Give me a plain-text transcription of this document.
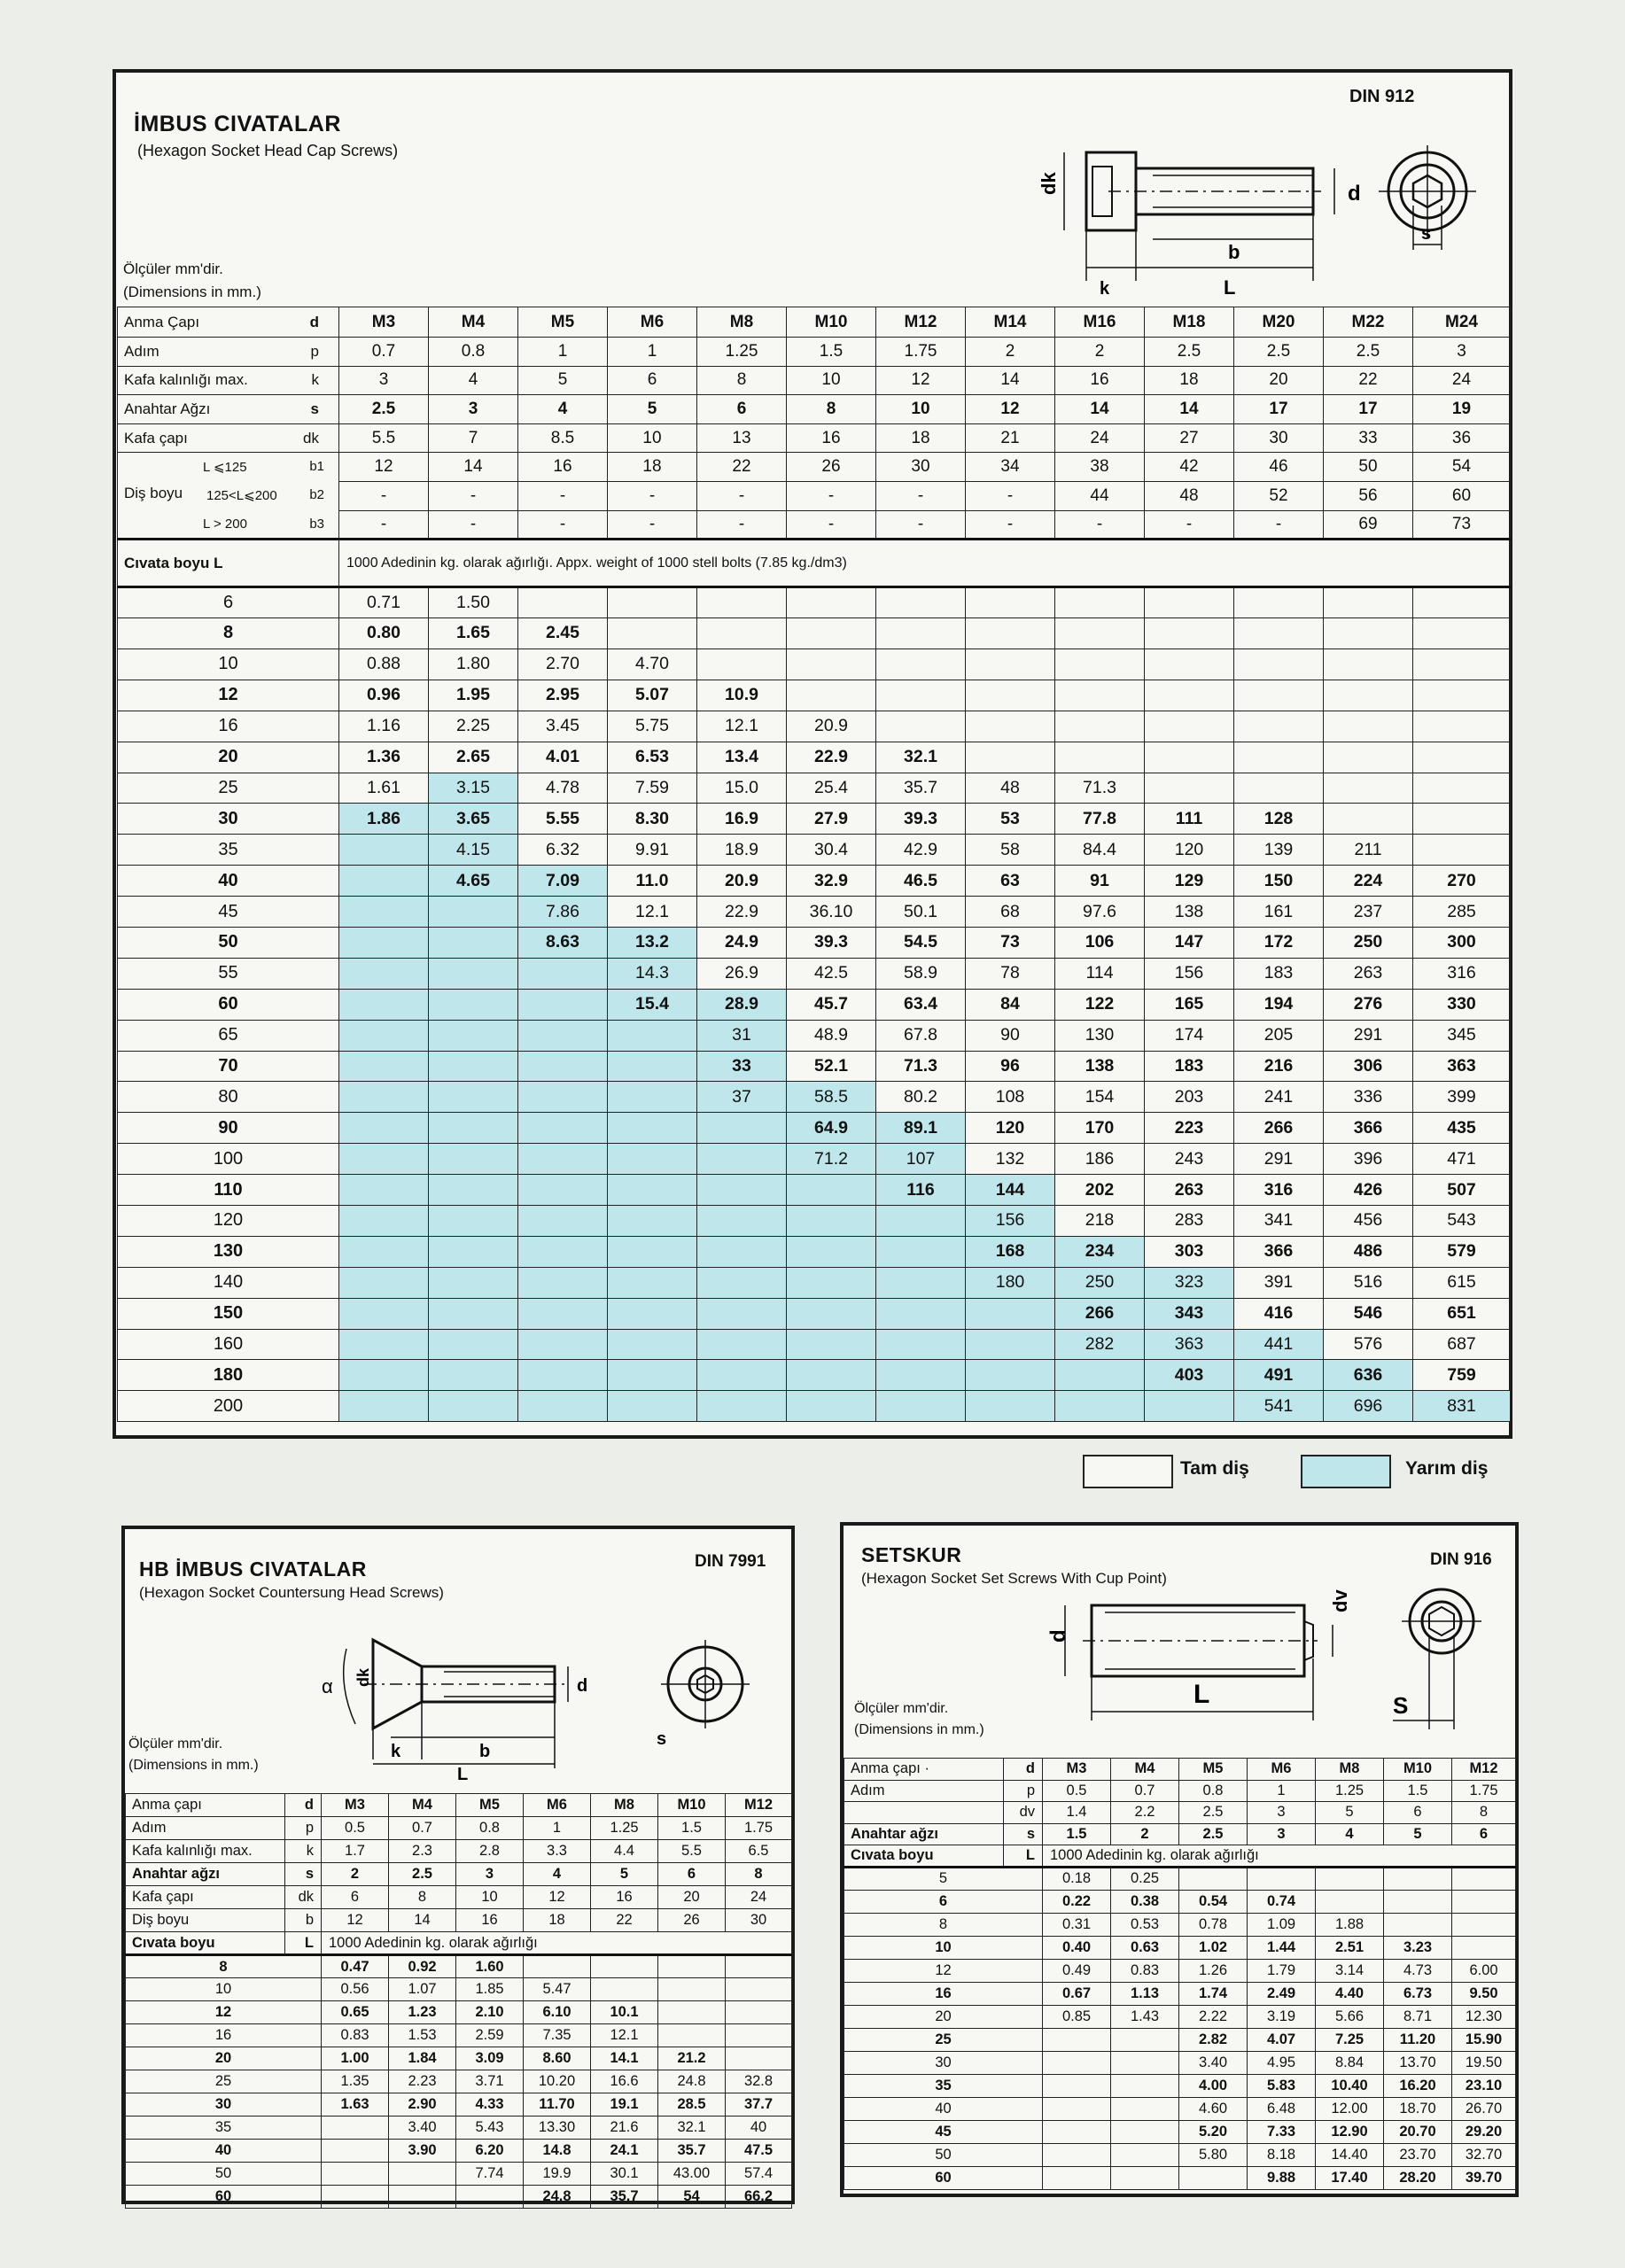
İMBUS CIVATALAR
(Hexagon Socket Head Cap Screws)
DIN 912
Ölçüler mm'dir.
(Dimensions in mm.)
dk	d
b
k	L
s
Anma Çapı d	M3	M4	M5	M6	M8	M10	M12	M14	M16	M18	M20	M22	M24
Adım p	0.7	0.8	1	1	1.25	1.5	1.75	2	2	2.5	2.5	2.5	3
Kafa kalınlığı max. k	3	4	5	6	8	10	12	14	16	18	20	22	24
Anahtar Ağzı s	2.5	3	4	5	6	8	10	12	14	14	17	17	19
Kafa çapı dk	5.5	7	8.5	10	13	16	18	21	24	27	30	33	36

L ⩽125 b1	12	14	16	18	22	26	30	34	38	42	46	50	54

Diş boyu 125<L⩽200 b2	-	-	-	-	-	-	-	-	44	48	52	56	60

L > 200 b3	-	-	-	-	-	-	-	-	-	-	-	69	73
Cıvata boyu L	1000 Adedinin kg. olarak ağırlığı. Appx. weight of 1000 stell bolts (7.85 kg./dm3)												
6	0.71	1.50											
8	0.80	1.65	2.45										
10	0.88	1.80	2.70	4.70									
12	0.96	1.95	2.95	5.07	10.9								
16	1.16	2.25	3.45	5.75	12.1	20.9							
20	1.36	2.65	4.01	6.53	13.4	22.9	32.1						
25	1.61	3.15	4.78	7.59	15.0	25.4	35.7	48	71.3				
30	1.86	3.65	5.55	8.30	16.9	27.9	39.3	53	77.8	111	128		
35		4.15	6.32	9.91	18.9	30.4	42.9	58	84.4	120	139	211	
40		4.65	7.09	11.0	20.9	32.9	46.5	63	91	129	150	224	270
45			7.86	12.1	22.9	36.10	50.1	68	97.6	138	161	237	285
50			8.63	13.2	24.9	39.3	54.5	73	106	147	172	250	300
55				14.3	26.9	42.5	58.9	78	114	156	183	263	316
60				15.4	28.9	45.7	63.4	84	122	165	194	276	330
65					31	48.9	67.8	90	130	174	205	291	345
70					33	52.1	71.3	96	138	183	216	306	363
80					37	58.5	80.2	108	154	203	241	336	399
90						64.9	89.1	120	170	223	266	366	435
100						71.2	107	132	186	243	291	396	471
110							116	144	202	263	316	426	507
120								156	218	283	341	456	543
130								168	234	303	366	486	579
140								180	250	323	391	516	615
150									266	343	416	546	651
160									282	363	441	576	687
180										403	491	636	759
200											541	696	831
Tam diş	Yarım diş
HB İMBUS CIVATALAR
(Hexagon Socket Countersung Head Screws)
DIN 7991
Ölçüler mm'dir.
(Dimensions in mm.)
α dk
k	b
L
d
s
Anma çapı	d	M3	M4	M5	M6	M8	M10	M12
Adım	p	0.5	0.7	0.8	1	1.25	1.5	1.75
Kafa kalınlığı max.	k	1.7	2.3	2.8	3.3	4.4	5.5	6.5
Anahtar ağzı	s	2	2.5	3	4	5	6	8
Kafa çapı	dk	6	8	10	12	16	20	24
Diş boyu	b	12	14	16	18	22	26	30
Cıvata boyu	L	1000 Adedinin kg. olarak ağırlığı						
8		0.47	0.92	1.60				
10		0.56	1.07	1.85	5.47			
12		0.65	1.23	2.10	6.10	10.1		
16		0.83	1.53	2.59	7.35	12.1		
20		1.00	1.84	3.09	8.60	14.1	21.2	
25		1.35	2.23	3.71	10.20	16.6	24.8	32.8
30		1.63	2.90	4.33	11.70	19.1	28.5	37.7
35			3.40	5.43	13.30	21.6	32.1	40
40			3.90	6.20	14.8	24.1	35.7	47.5
50				7.74	19.9	30.1	43.00	57.4
60					24.8	35.7	54	66.2
SETSKUR
(Hexagon Socket Set Screws With Cup Point)
DIN 916
Ölçüler mm'dir.
(Dimensions in mm.)
d
dv
L	S
Anma çapı ·	d	M3	M4	M5	M6	M8	M10	M12
Adım	p	0.5	0.7	0.8	1	1.25	1.5	1.75
	dv	1.4	2.2	2.5	3	5	6	8
Anahtar ağzı	s	1.5	2	2.5	3	4	5	6
Cıvata boyu	L	1000 Adedinin kg. olarak ağırlığı						
5		0.18	0.25					
6		0.22	0.38	0.54	0.74			
8		0.31	0.53	0.78	1.09	1.88		
10		0.40	0.63	1.02	1.44	2.51	3.23	
12		0.49	0.83	1.26	1.79	3.14	4.73	6.00
16		0.67	1.13	1.74	2.49	4.40	6.73	9.50
20		0.85	1.43	2.22	3.19	5.66	8.71	12.30
25				2.82	4.07	7.25	11.20	15.90
30				3.40	4.95	8.84	13.70	19.50
35				4.00	5.83	10.40	16.20	23.10
40				4.60	6.48	12.00	18.70	26.70
45				5.20	7.33	12.90	20.70	29.20
50				5.80	8.18	14.40	23.70	32.70
60					9.88	17.40	28.20	39.70
